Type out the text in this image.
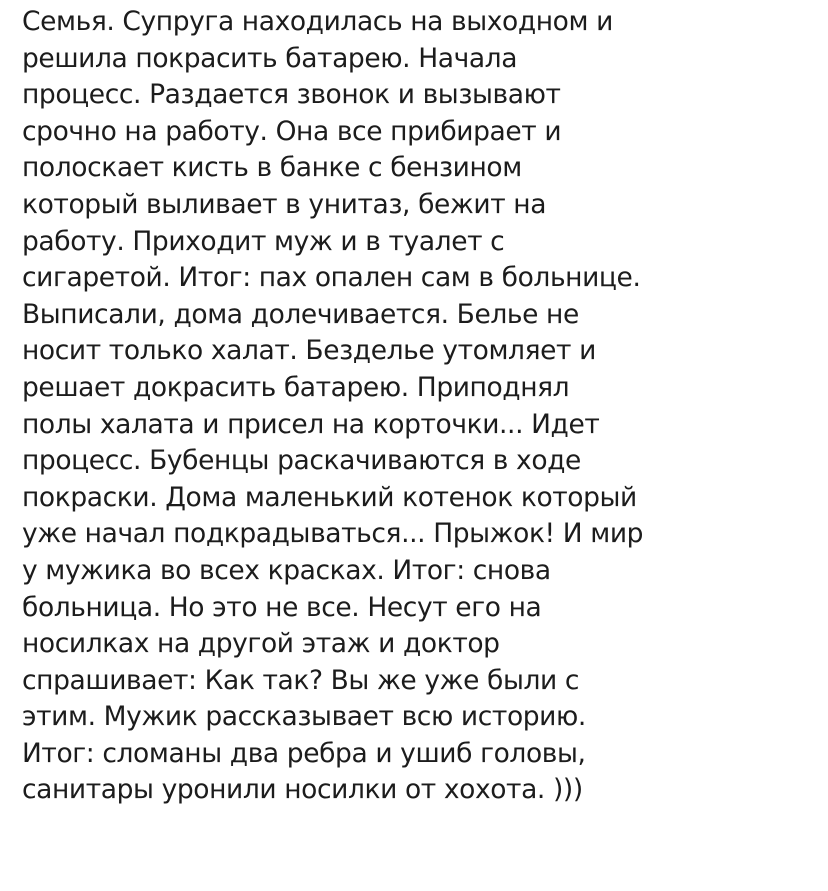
Семья. Супруга находилась на выходном и
решила покрасить батарею. Начала
процесс. Раздается звонок и вызывают
срочно на работу. Она все прибирает и
полоскает кисть в банке с бензином
который выливает в унитаз, бежит на
работу. Приходит муж и в туалет с
сигаретой. Итог: пах опален сам в больнице.
Выписали, дома долечивается. Белье не
носит только халат. Безделье утомляет и
решает докрасить батарею. Приподнял
полы халата и присел на корточки... Идет
процесс. Бубенцы раскачиваются в ходе
покраски. Дома маленький котенок который
уже начал подкрадываться... Прыжок! И мир
у мужика во всех красках. Итог: снова
больница. Но это не все. Несут его на
носилках на другой этаж и доктор
спрашивает: Как так? Вы же уже были с
этим. Мужик рассказывает всю историю.
Итог: сломаны два ребра и ушиб головы,
санитары уронили носилки от хохота. )))
